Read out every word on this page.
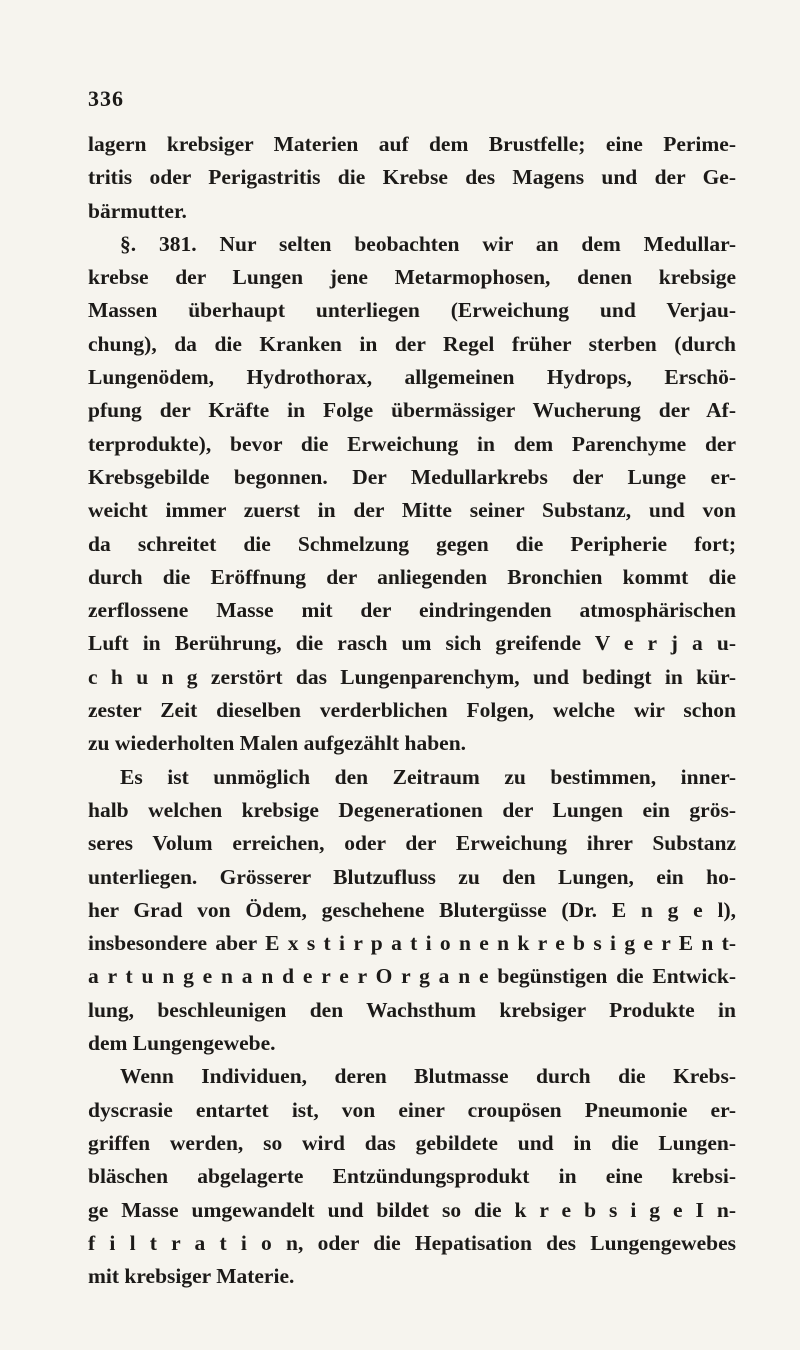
336
lagern krebsiger Materien auf dem Brustfelle; eine Perime-
tritis oder Perigastritis die Krebse des Magens und der Ge-
bärmutter.
§. 381. Nur selten beobachten wir an dem Medullar-
krebse der Lungen jene Metarmophosen, denen krebsige
Massen überhaupt unterliegen (Erweichung und Verjau-
chung), da die Kranken in der Regel früher sterben (durch
Lungenödem, Hydrothorax, allgemeinen Hydrops, Erschö-
pfung der Kräfte in Folge übermässiger Wucherung der Af-
terprodukte), bevor die Erweichung in dem Parenchyme der
Krebsgebilde begonnen. Der Medullarkrebs der Lunge er-
weicht immer zuerst in der Mitte seiner Substanz, und von
da schreitet die Schmelzung gegen die Peripherie fort;
durch die Eröffnung der anliegenden Bronchien kommt die
zerflossene Masse mit der eindringenden atmosphärischen
Luft in Berührung, die rasch um sich greifende V e r j a u-
c h u n g zerstört das Lungenparenchym, und bedingt in kür-
zester Zeit dieselben verderblichen Folgen, welche wir schon
zu wiederholten Malen aufgezählt haben.
Es ist unmöglich den Zeitraum zu bestimmen, inner-
halb welchen krebsige Degenerationen der Lungen ein grös-
seres Volum erreichen, oder der Erweichung ihrer Substanz
unterliegen. Grösserer Blutzufluss zu den Lungen, ein ho-
her Grad von Ödem, geschehene Blutergüsse (Dr. E n g e l),
insbesondere aber E x s t i r p a t i o n e n k r e b s i g e r E n t-
a r t u n g e n a n d e r e r O r g a n e begünstigen die Entwick-
lung, beschleunigen den Wachsthum krebsiger Produkte in
dem Lungengewebe.
Wenn Individuen, deren Blutmasse durch die Krebs-
dyscrasie entartet ist, von einer croupösen Pneumonie er-
griffen werden, so wird das gebildete und in die Lungen-
bläschen abgelagerte Entzündungsprodukt in eine krebsi-
ge Masse umgewandelt und bildet so die k r e b s i g e I n-
f i l t r a t i o n, oder die Hepatisation des Lungengewebes
mit krebsiger Materie.
